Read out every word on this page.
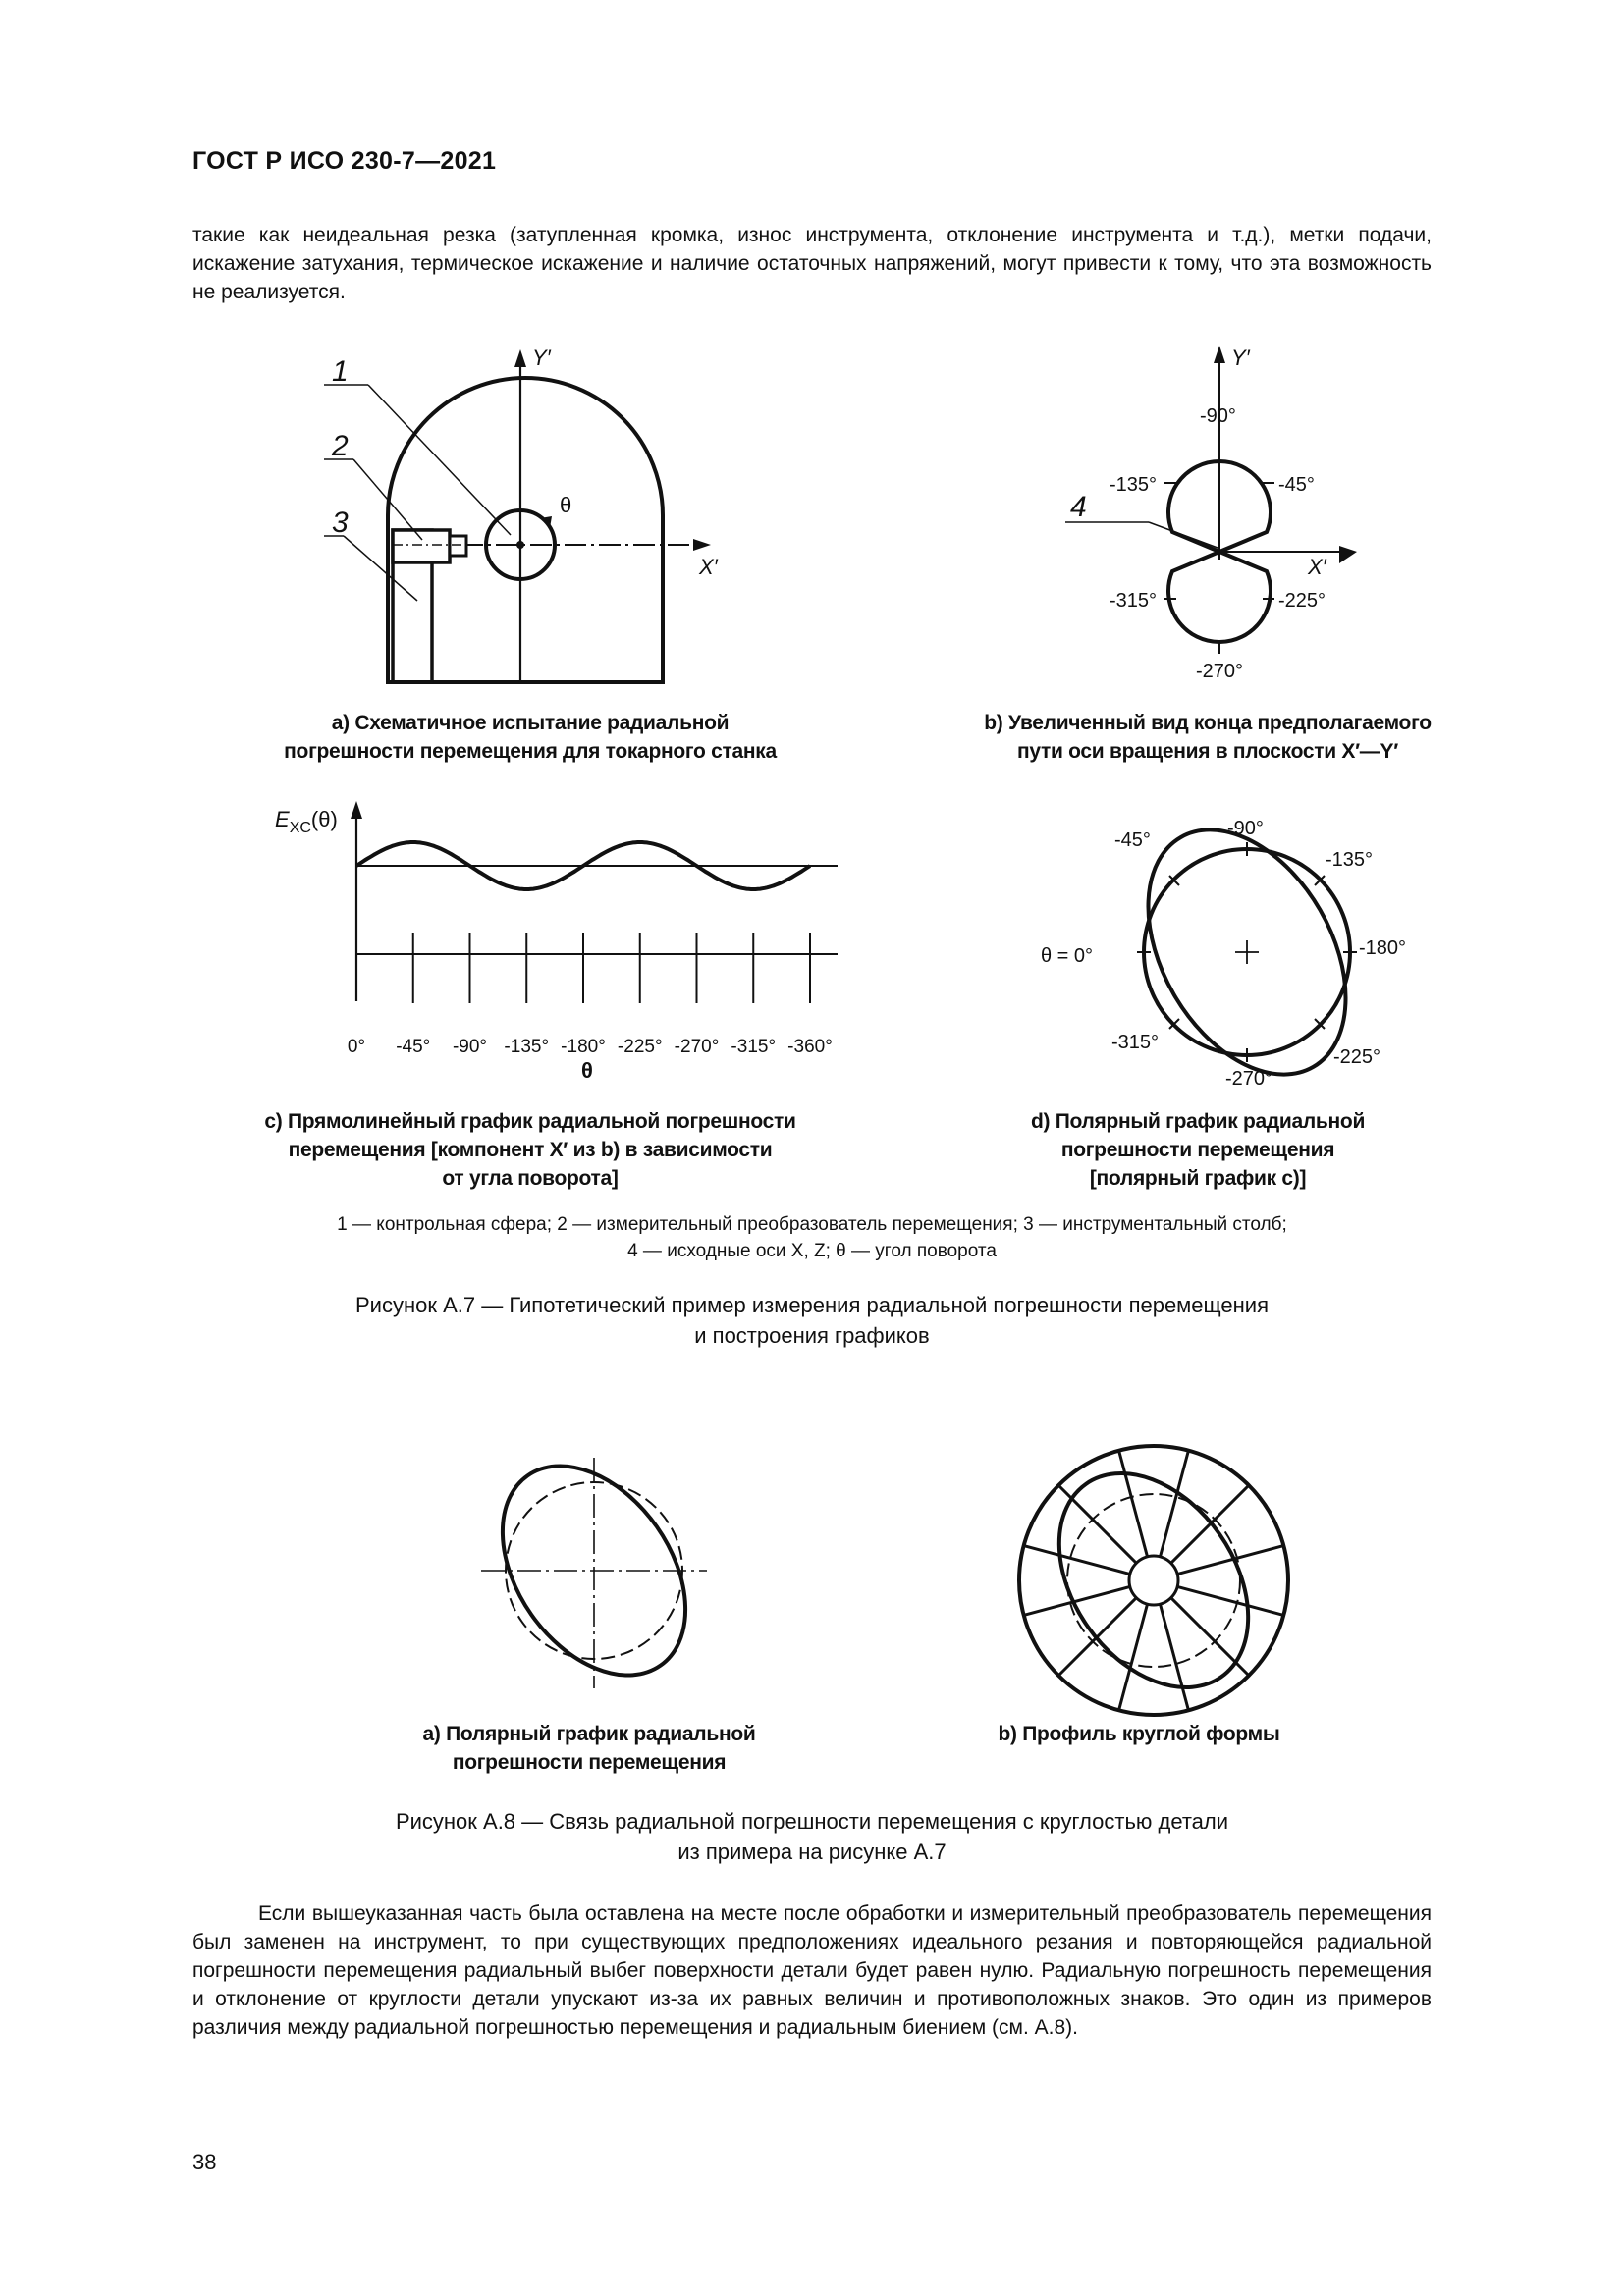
ГОСТ Р ИСО 230-7—2021
такие как неидеальная резка (затупленная кромка, износ инструмента, отклонение инструмента и т.д.), метки подачи, искажение затухания, термическое искажение и наличие остаточных напряжений, могут привести к тому, что эта возможность не реализуется.
1
2
3
Y′
X′
θ
а) Схематичное испытание радиальной
погрешности перемещения для токарного станка
Y′
X′
4
-90°
-135°	-45°
-315°	-225°
-270°
b) Увеличенный вид конца предполагаемого
пути оси вращения в плоскости X′—Y′
$E_{XC}(\theta)$
0° -45° -90° -135° -180° -225° -270° -315° -360°
θ
с) Прямолинейный график радиальной погрешности
перемещения [компонент X′ из b) в зависимости
от угла поворота]
-90°
-45°
-135°
-180°
θ = 0°
-315°
-270°
-225°
d) Полярный график радиальной
погрешности перемещения
[полярный график с)]
1 — контрольная сфера; 2 — измерительный преобразователь перемещения; 3 — инструментальный столб;
4 — исходные оси X, Z; θ — угол поворота
Рисунок А.7 — Гипотетический пример измерения радиальной погрешности перемещения
и построения графиков
а) Полярный график радиальной
погрешности перемещения
b) Профиль круглой формы
Рисунок А.8 — Связь радиальной погрешности перемещения с круглостью детали
из примера на рисунке А.7
Если вышеуказанная часть была оставлена на месте после обработки и измерительный преобразователь перемещения был заменен на инструмент, то при существующих предположениях идеального резания и повторяющейся радиальной погрешности перемещения радиальный выбег поверхности детали будет равен нулю. Радиальную погрешность перемещения и отклонение от круглости детали упускают из-за их равных величин и противоположных знаков. Это один из примеров различия между радиальной погрешностью перемещения и радиальным биением (см. А.8).
38
